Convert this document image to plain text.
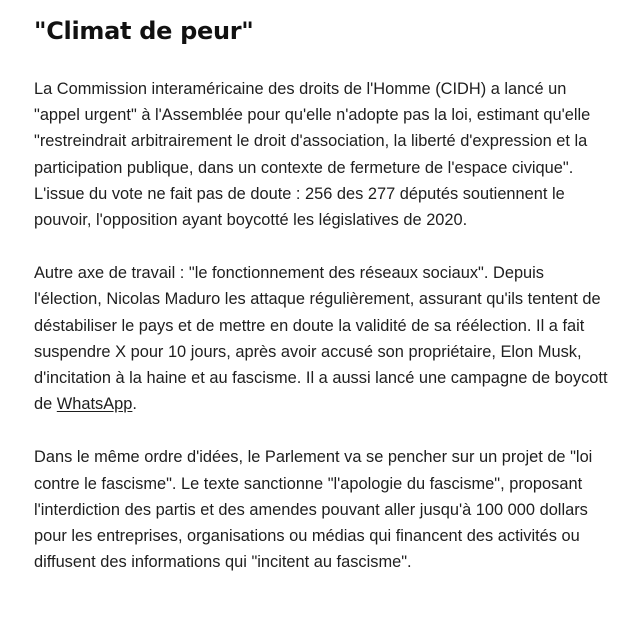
"Climat de peur"

La Commission interaméricaine des droits de l'Homme (CIDH) a lancé un "appel urgent" à l'Assemblée pour qu'elle n'adopte pas la loi, estimant qu'elle "restreindrait arbitrairement le droit d'association, la liberté d'expression et la participation publique, dans un contexte de fermeture de l'espace civique". L'issue du vote ne fait pas de doute : 256 des 277 députés soutiennent le pouvoir, l'opposition ayant boycotté les législatives de 2020.

Autre axe de travail : "le fonctionnement des réseaux sociaux". Depuis l'élection, Nicolas Maduro les attaque régulièrement, assurant qu'ils tentent de déstabiliser le pays et de mettre en doute la validité de sa réélection. Il a fait suspendre X pour 10 jours, après avoir accusé son propriétaire, Elon Musk, d'incitation à la haine et au fascisme. Il a aussi lancé une campagne de boycott de WhatsApp.

Dans le même ordre d'idées, le Parlement va se pencher sur un projet de "loi contre le fascisme". Le texte sanctionne "l'apologie du fascisme", proposant l'interdiction des partis et des amendes pouvant aller jusqu'à 100 000 dollars pour les entreprises, organisations ou médias qui financent des activités ou diffusent des informations qui "incitent au fascisme".
